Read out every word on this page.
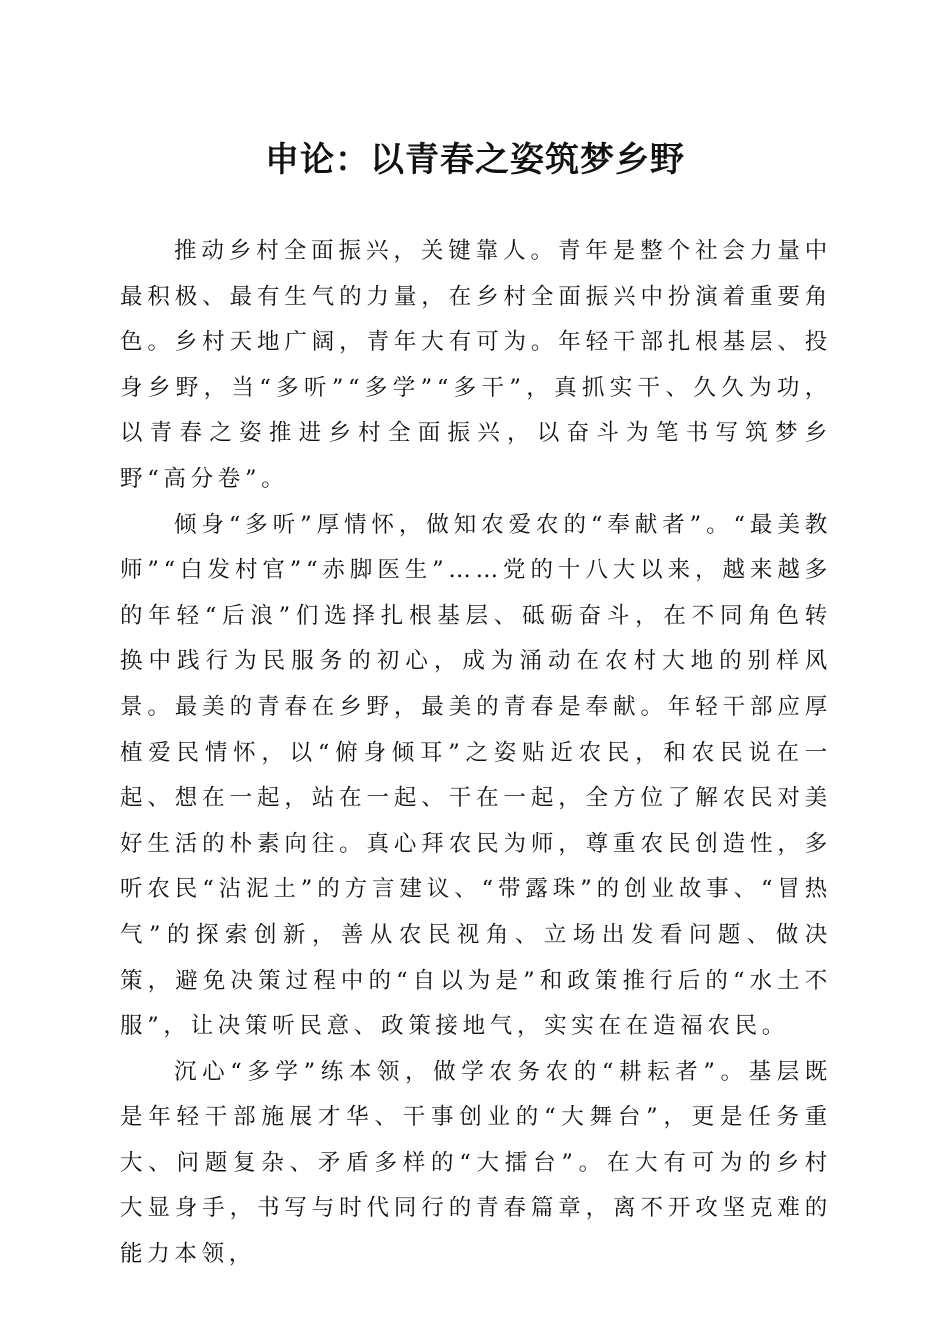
申论：以青春之姿筑梦乡野

推动乡村全面振兴，关键靠人。青年是整个社会力量中最积极、最有生气的力量，在乡村全面振兴中扮演着重要角色。乡村天地广阔，青年大有可为。年轻干部扎根基层、投身乡野，当“多听”“多学”“多干”，真抓实干、久久为功，以青春之姿推进乡村全面振兴，以奋斗为笔书写筑梦乡野“高分卷”。

倾身“多听”厚情怀，做知农爱农的“奉献者”。“最美教师”“白发村官”“赤脚医生”……党的十八大以来，越来越多的年轻“后浪”们选择扎根基层、砥砺奋斗，在不同角色转换中践行为民服务的初心，成为涌动在农村大地的别样风景。最美的青春在乡野，最美的青春是奉献。年轻干部应厚植爱民情怀，以“俯身倾耳”之姿贴近农民，和农民说在一起、想在一起，站在一起、干在一起，全方位了解农民对美好生活的朴素向往。真心拜农民为师，尊重农民创造性，多听农民“沾泥土”的方言建议、“带露珠”的创业故事、“冒热气”的探索创新，善从农民视角、立场出发看问题、做决策，避免决策过程中的“自以为是”和政策推行后的“水土不服”，让决策听民意、政策接地气，实实在在造福农民。

沉心“多学”练本领，做学农务农的“耕耘者”。基层既是年轻干部施展才华、干事创业的“大舞台”，更是任务重大、问题复杂、矛盾多样的“大擂台”。在大有可为的乡村大显身手，书写与时代同行的青春篇章，离不开攻坚克难的能力本领，
